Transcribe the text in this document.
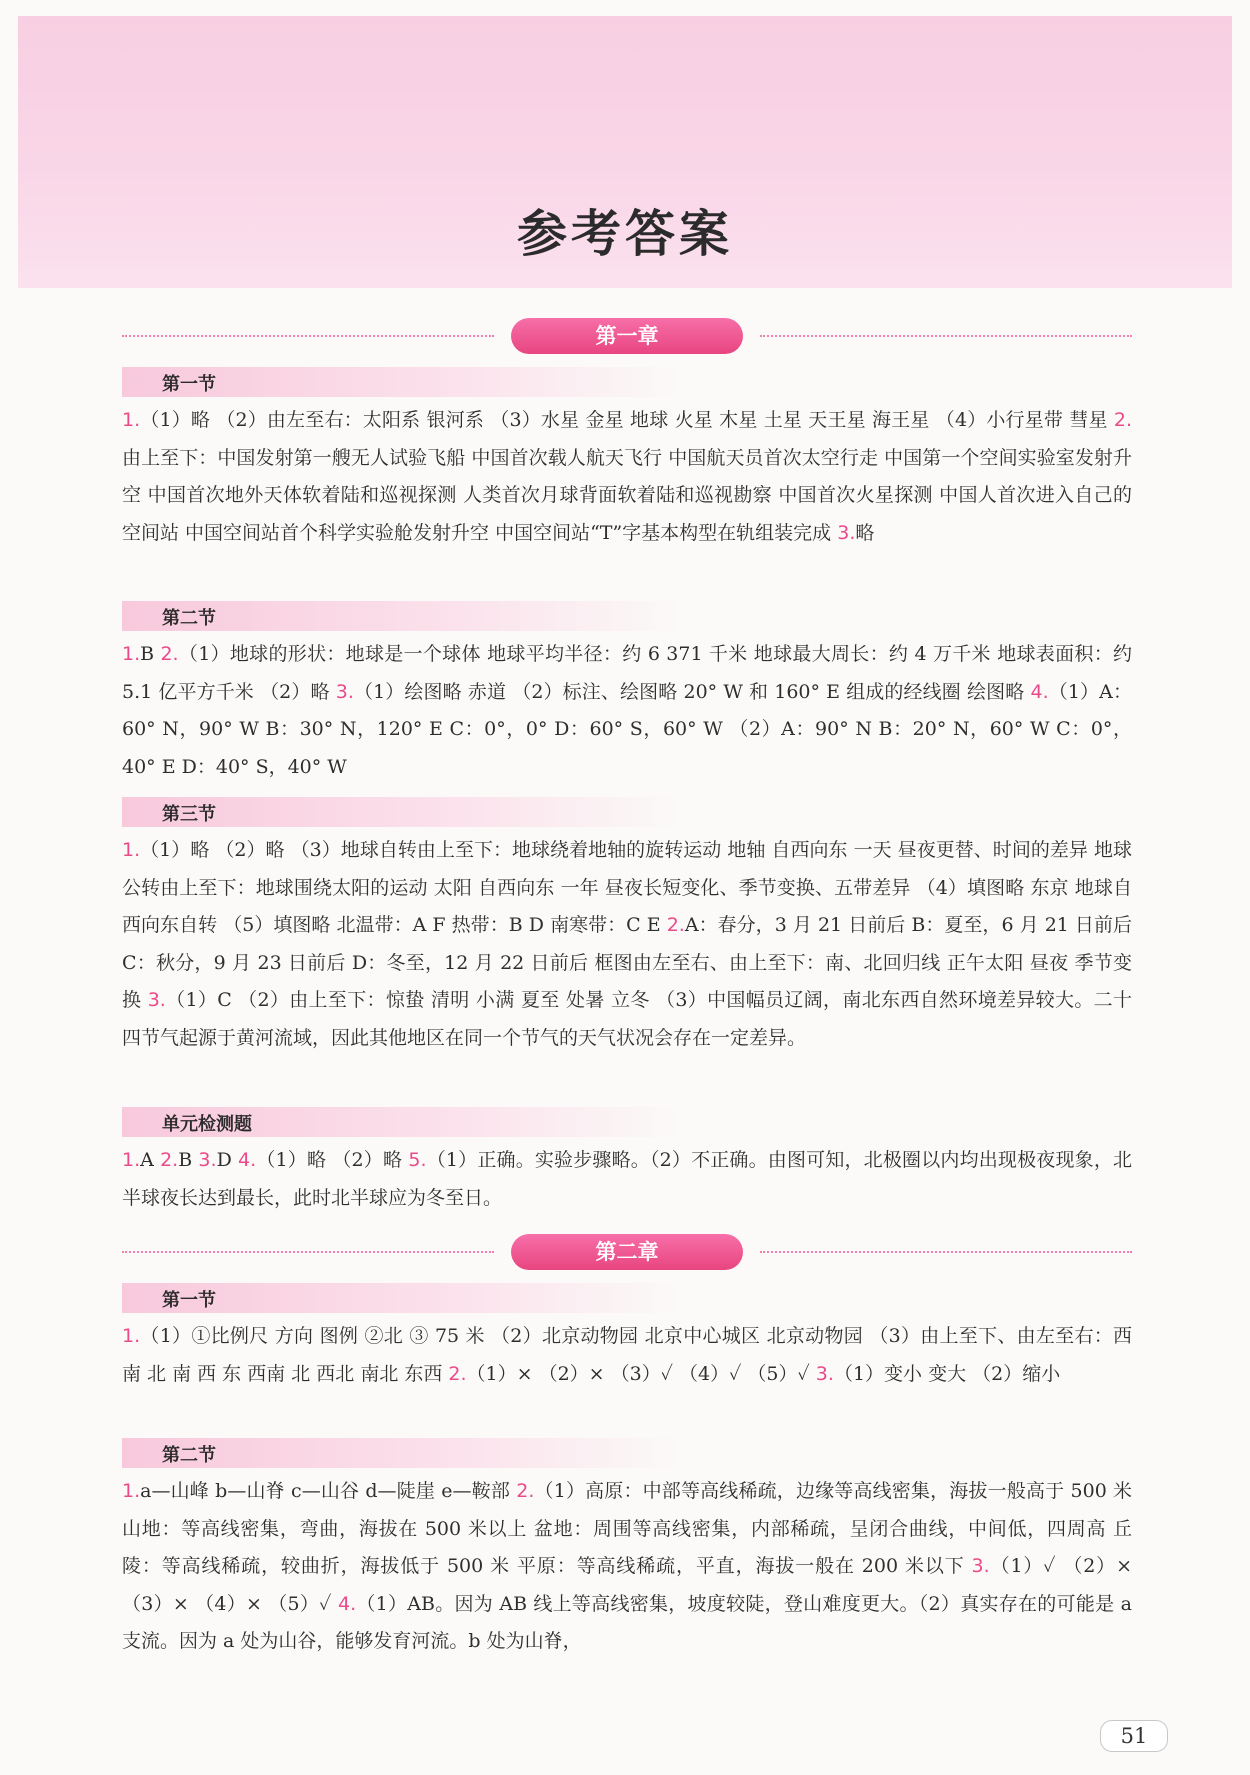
参考答案
第一章
第一节
1.（1）略 （2）由左至右：太阳系 银河系 （3）水星 金星 地球 火星 木星 土星 天王星 海王星 （4）小行星带 彗星 2.由上至下：中国发射第一艘无人试验飞船 中国首次载人航天飞行 中国航天员首次太空行走 中国第一个空间实验室发射升空 中国首次地外天体软着陆和巡视探测 人类首次月球背面软着陆和巡视勘察 中国首次火星探测 中国人首次进入自己的空间站 中国空间站首个科学实验舱发射升空 中国空间站“T”字基本构型在轨组装完成 3.略
第二节
1.B 2.（1）地球的形状：地球是一个球体 地球平均半径：约 6 371 千米 地球最大周长：约 4 万千米 地球表面积：约 5.1 亿平方千米 （2）略 3.（1）绘图略 赤道 （2）标注、绘图略 20° W 和 160° E 组成的经线圈 绘图略 4.（1）A：60° N，90° W B：30° N，120° E C：0°，0° D：60° S，60° W （2）A：90° N B：20° N，60° W C：0°，40° E D：40° S，40° W
第三节
1.（1）略 （2）略 （3）地球自转由上至下：地球绕着地轴的旋转运动 地轴 自西向东 一天 昼夜更替、时间的差异 地球公转由上至下：地球围绕太阳的运动 太阳 自西向东 一年 昼夜长短变化、季节变换、五带差异 （4）填图略 东京 地球自西向东自转 （5）填图略 北温带：A F 热带：B D 南寒带：C E 2.A：春分，3 月 21 日前后 B：夏至，6 月 21 日前后 C：秋分，9 月 23 日前后 D：冬至，12 月 22 日前后 框图由左至右、由上至下：南、北回归线 正午太阳 昼夜 季节变换 3.（1）C （2）由上至下：惊蛰 清明 小满 夏至 处暑 立冬 （3）中国幅员辽阔，南北东西自然环境差异较大。二十四节气起源于黄河流域，因此其他地区在同一个节气的天气状况会存在一定差异。
单元检测题
1.A 2.B 3.D 4.（1）略 （2）略 5.（1）正确。实验步骤略。（2）不正确。由图可知，北极圈以内均出现极夜现象，北半球夜长达到最长，此时北半球应为冬至日。
第二章
第一节
1.（1）①比例尺 方向 图例 ②北 ③ 75 米 （2）北京动物园 北京中心城区 北京动物园 （3）由上至下、由左至右：西南 北 南 西 东 西南 北 西北 南北 东西 2.（1）× （2）× （3）✓ （4）✓ （5）✓ 3.（1）变小 变大 （2）缩小
第二节
1.a—山峰 b—山脊 c—山谷 d—陡崖 e—鞍部 2.（1）高原：中部等高线稀疏，边缘等高线密集，海拔一般高于 500 米 山地：等高线密集，弯曲，海拔在 500 米以上 盆地：周围等高线密集，内部稀疏，呈闭合曲线，中间低，四周高 丘陵：等高线稀疏，较曲折，海拔低于 500 米 平原：等高线稀疏，平直，海拔一般在 200 米以下 3.（1）✓ （2）× （3）× （4）× （5）✓ 4.（1）AB。因为 AB 线上等高线密集，坡度较陡，登山难度更大。（2）真实存在的可能是 a 支流。因为 a 处为山谷，能够发育河流。b 处为山脊，
51
